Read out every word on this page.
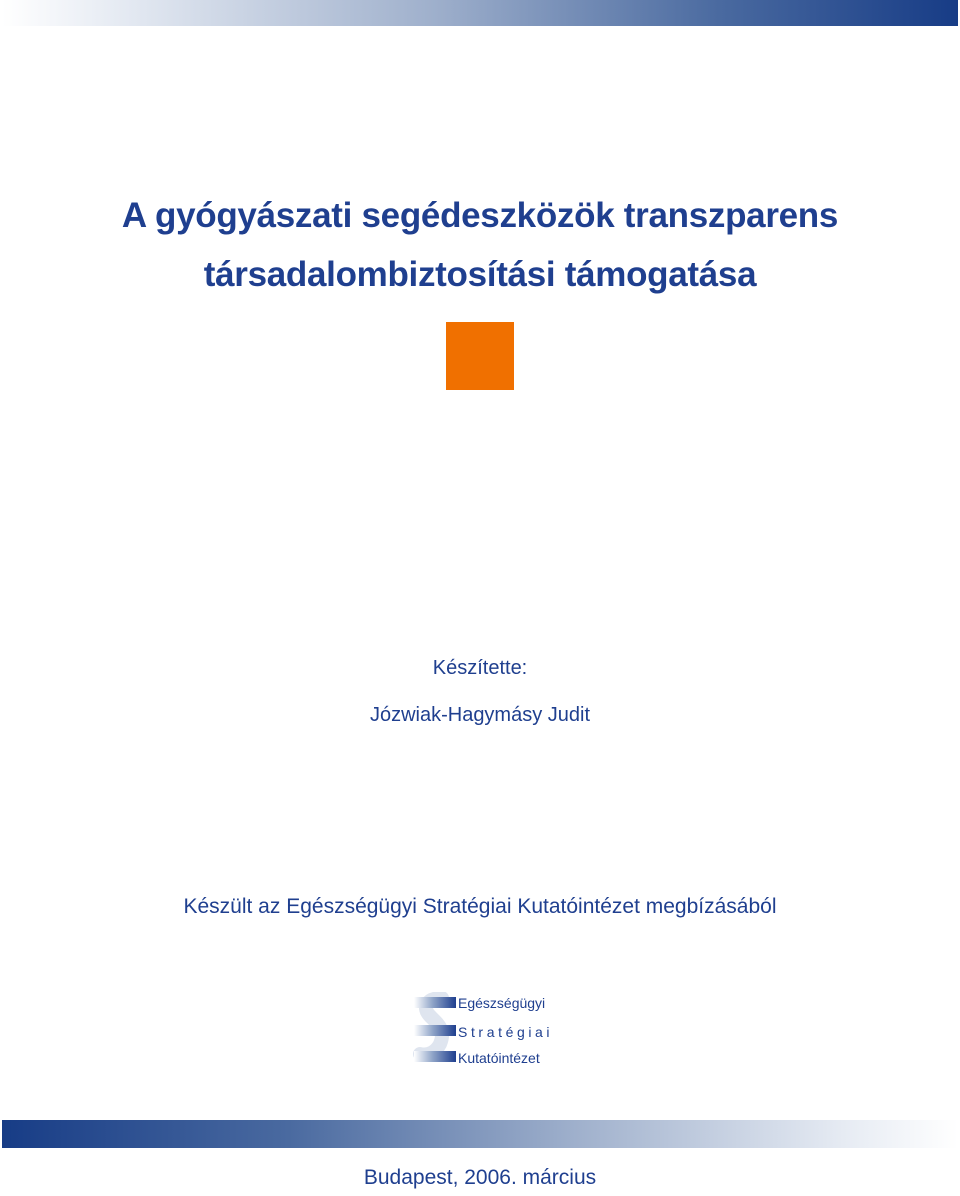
A gyógyászati segédeszközök transzparens
társadalombiztosítási támogatása
Készítette:
Józwiak-Hagymásy Judit
Készült az Egészségügyi Stratégiai Kutatóintézet megbízásából
Egészségügyi
Stratégiai
Kutatóintézet
Budapest, 2006. március
